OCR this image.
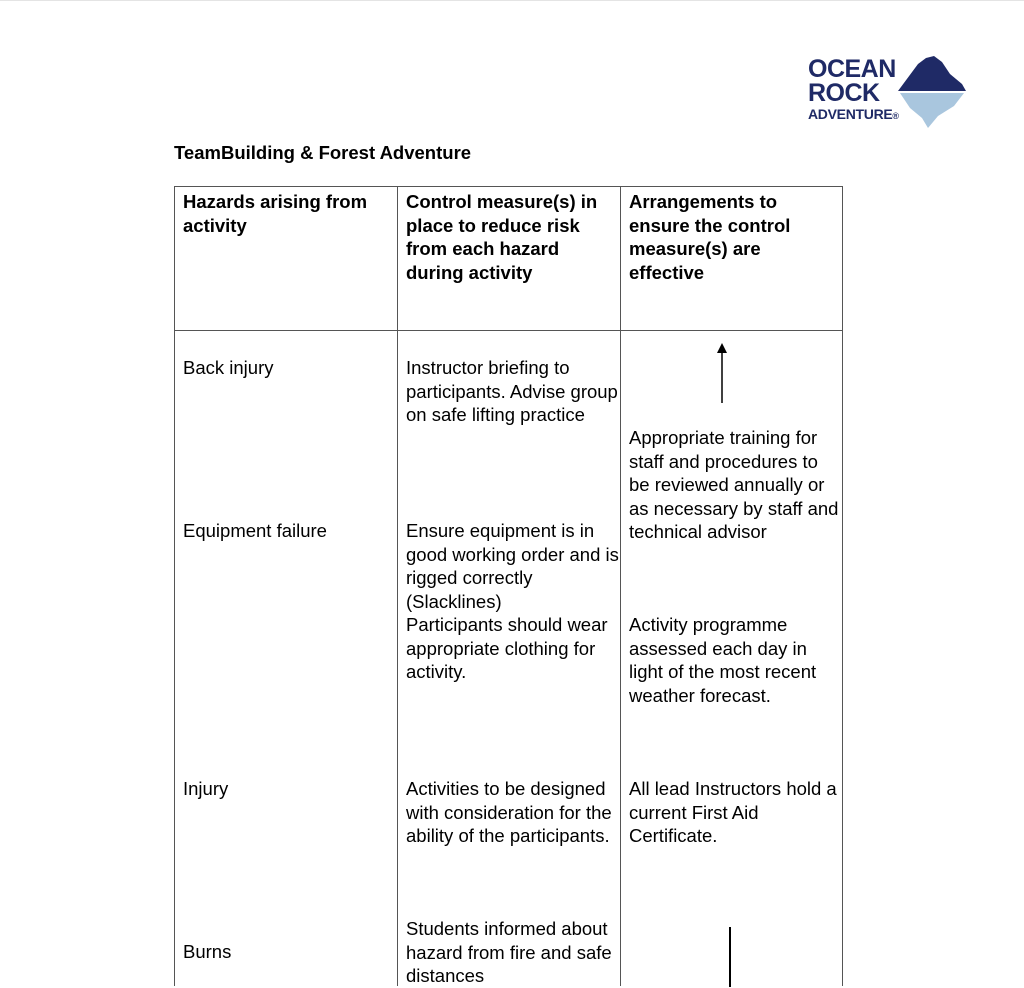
OCEAN
ROCK
ADVENTURE®
TeamBuilding & Forest Adventure
Hazards arising from activity
Control measure(s) in place to reduce risk from each hazard during activity
Arrangements to ensure the control measure(s) are effective
Back injury
Equipment failure
Injury
Burns
Instructor briefing to participants. Advise group on safe lifting practice
Ensure equipment is in good working order and is rigged correctly (Slacklines)
Participants should wear appropriate clothing for activity.
Activities to be designed with consideration for the ability of the participants.
Students informed about hazard from fire and safe distances
Appropriate training for staff and procedures to be reviewed annually or as necessary by staff and technical advisor
Activity programme assessed each day in light of the most recent weather forecast.
All lead Instructors hold a current First Aid Certificate.
